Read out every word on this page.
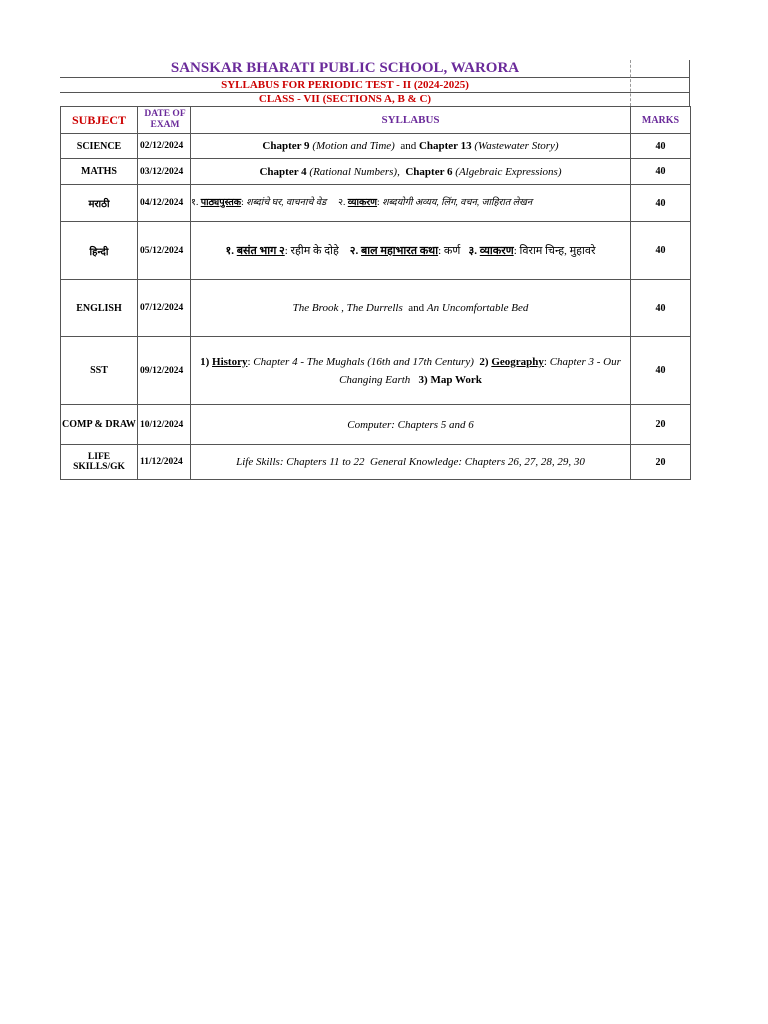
SANSKAR BHARATI PUBLIC SCHOOL, WARORA
SYLLABUS FOR PERIODIC TEST - II (2024-2025)
CLASS - VII (SECTIONS A, B & C)
SUBJECT	DATE OF EXAM	SYLLABUS	MARKS
SCIENCE	02/12/2024	Chapter 9 (Motion and Time)  and Chapter 13 (Wastewater Story)	40
MATHS	03/12/2024	Chapter 4 (Rational Numbers), Chapter 6 (Algebraic Expressions)	40
मराठी	04/12/2024	१. पाठ्यपुस्तक: शब्दांचे घर, वाचनाचे वेड     २. व्याकरण: शब्दयोगी अव्यय, लिंग, वचन, जाहिरात लेखन	40
हिन्दी	05/12/2024	१. बसंत भाग २: रहीम के दोहे    २. बाल महाभारत कथा: कर्ण   ३. व्याकरण: विराम चिन्ह, मुहावरे	40
ENGLISH	07/12/2024	The Brook , The Durrells  and An Uncomfortable Bed	40
SST	09/12/2024	1) History: Chapter 4 - The Mughals (16th and 17th Century)  2) Geography: Chapter 3 - Our Changing Earth   3) Map Work	40
COMP & DRAW	10/12/2024	Computer: Chapters 5 and 6	20
LIFE SKILLS/GK	11/12/2024	Life Skills: Chapters 11 to 22  General Knowledge: Chapters 26, 27, 28, 29, 30	20
